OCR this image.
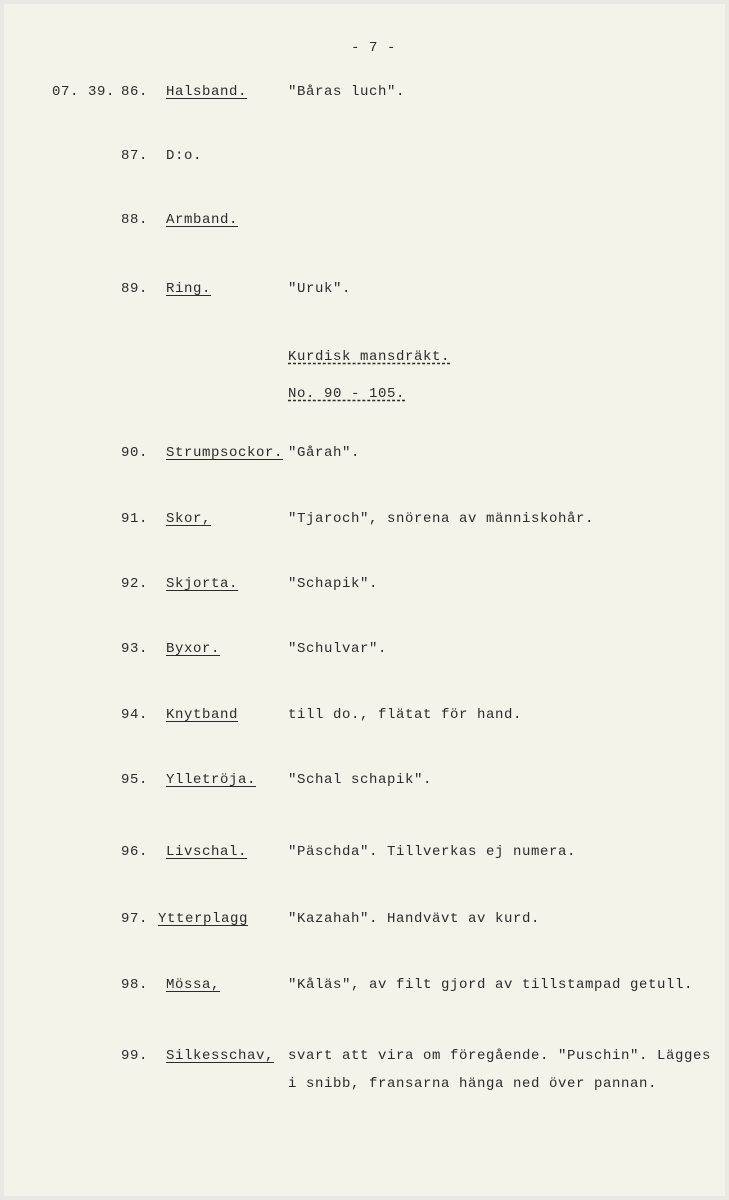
- 7 -
07. 39. 86. Halsband.	"Båras luch".
87. D:o.
88. Armband.
89. Ring.	"Uruk".
Kurdisk mansdräkt.
No. 90 - 105.
90. Strumpsockor. "Gårah".
91. Skor,	"Tjaroch", snörena av människohår.
92. Skjorta.	"Schapik".
93. Byxor.	"Schulvar".
94. Knytband	till do., flätat för hand.
95. Ylletröja. "Schal schapik".
96. Livschal.	"Päschda". Tillverkas ej numera.
97. Ytterplagg	"Kazahah". Handvävt av kurd.
98. Mössa,	"Kåläs", av filt gjord av tillstampad getull.
99. Silkesschav, svart att vira om föregående. "Puschin". Lägges
i snibb, fransarna hänga ned över pannan.
